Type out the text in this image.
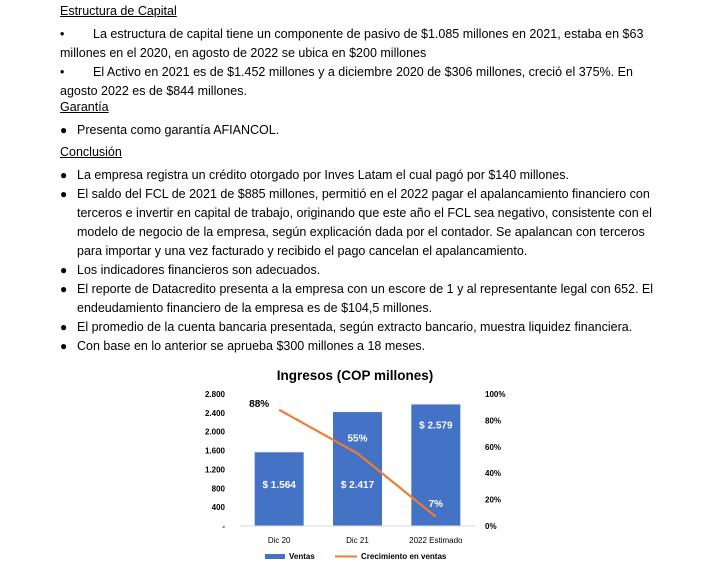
Estructura de Capital
•	La estructura de capital tiene un componente de pasivo de $1.085 millones en 2021, estaba en $63 millones en el 2020, en agosto de 2022 se ubica en $200 millones
•	El Activo en 2021 es de $1.452 millones y a diciembre 2020 de $306 millones, creció el 375%. En agosto 2022 es de $844 millones.
Garantía
● Presenta como garantía AFIANCOL.
Conclusión
● La empresa registra un crédito otorgado por Inves Latam el cual pagó por $140 millones.
● El saldo del FCL de 2021 de $885 millones, permitió en el 2022 pagar el apalancamiento financiero con terceros e invertir en capital de trabajo, originando que este año el FCL sea negativo, consistente con el modelo de negocio de la empresa, según explicación dada por el contador. Se apalancan con terceros para importar y una vez facturado y recibido el pago cancelan el apalancamiento.
● Los indicadores financieros son adecuados.
● El reporte de Datacredito presenta a la empresa con un escore de 1 y al representante legal con 652. El endeudamiento financiero de la empresa es de $104,5 millones.
● El promedio de la cuenta bancaria presentada, según extracto bancario, muestra liquidez financiera.
● Con base en lo anterior se aprueba $300 millones a 18 meses.
Ingresos (COP millones)
-
400
800
1.200
1.600
2.000
2.400
2.800
0%
20%
40%
60%
80%
100%
$ 1.564	$ 2.417
$ 2.579
Dic 20	Dic 21	2022 Estimado
88%
55%
7%
Ventas	Crecimiento en ventas
